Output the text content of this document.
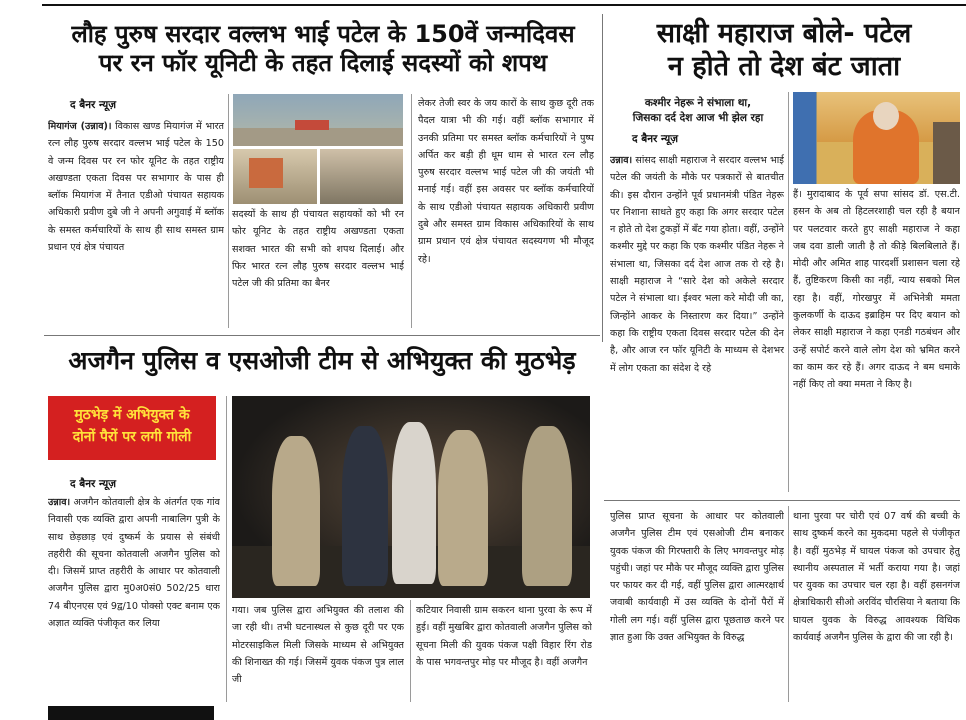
लौह पुरुष सरदार वल्लभ भाई पटेल के 150वें जन्मदिवस
पर रन फॉर यूनिटी के तहत दिलाई सदस्यों को शपथ
द बैनर न्यूज़
मियागंज (उन्नाव)। विकास खण्ड मियागंज में भारत रत्न लौह पुरुष सरदार वल्लभ भाई पटेल के 150 वे जन्म दिवस पर रन फोर यूनिट के तहत राष्ट्रीय अखण्डता एकता दिवस पर सभागार के पास ही ब्लॉक मियागंज में तैनात एडीओ पंचायत सहायक अधिकारी प्रवीण दुबे जी ने अपनी अगुवाई में ब्लॉक के समस्त कर्मचारियों के साथ ही साथ समस्त ग्राम प्रधान एवं क्षेत्र पंचायत
सदस्यों के साथ ही पंचायत सहायकों को भी रन फोर यूनिट के तहत राष्ट्रीय अखण्डता एकता सशक्त भारत की सभी को शपथ दिलाई। और फिर भारत रत्न लौह पुरुष सरदार वल्लभ भाई पटेल जी की प्रतिमा का बैनर
लेकर तेजी स्वर के जय कारों के साथ कुछ दूरी तक पैदल यात्रा भी की गई। वहीं ब्लॉक सभागार में उनकी प्रतिमा पर समस्त ब्लॉक कर्मचारियों ने पुष्प अर्पित कर बड़ी ही धूम धाम से भारत रत्न लौह पुरुष सरदार वल्लभ भाई पटेल जी की जयंती भी मनाई गई। वहीं इस अवसर पर ब्लॉक कर्मचारियों के साथ एडीओ पंचायत सहायक अधिकारी प्रवीण दुबे और समस्त ग्राम विकास अधिकारियों के साथ ग्राम प्रधान एवं क्षेत्र पंचायत सदस्यगण भी मौजूद रहे।
साक्षी महाराज बोले- पटेल
न होते तो देश बंट जाता
कश्मीर नेहरू ने संभाला था,
जिसका दर्द देश आज भी झेल रहा
द बैनर न्यूज़
उन्नाव। सांसद साक्षी महाराज ने सरदार वल्लभ भाई पटेल की जयंती के मौके पर पत्रकारों से बातचीत की। इस दौरान उन्होंने पूर्व प्रधानमंत्री पंडित नेहरू पर निशाना साधते हुए कहा कि अगर सरदार पटेल न होते तो देश टुकड़ों में बँट गया होता। वहीं, उन्होंने कश्मीर मुद्दे पर कहा कि एक कश्मीर पंडित नेहरू ने संभाला था, जिसका दर्द देश आज तक रो रहे है। साक्षी महाराज ने “सारे देश को अकेले सरदार पटेल ने संभाला था। ईश्वर भला करे मोदी जी का, जिन्होंने आकर के निस्तारण कर दिया।” उन्होंने कहा कि राष्ट्रीय एकता दिवस सरदार पटेल की देन है, और आज रन फॉर यूनिटी के माध्यम से देशभर में लोग एकता का संदेश दे रहे
हैं। मुरादाबाद के पूर्व सपा सांसद डॉ. एस.टी. हसन के अब तो हिटलरशाही चल रही है बयान पर पलटवार करते हुए साक्षी महाराज ने कहा जब दवा डाली जाती है तो कीड़े बिलबिलाते हैं। मोदी और अमित शाह पारदर्शी प्रशासन चला रहे हैं, तुष्टिकरण किसी का नहीं, न्याय सबको मिल रहा है। वहीं, गोरखपुर में अभिनेत्री ममता कुलकर्णी के दाऊद इब्राहिम पर दिए बयान को लेकर साक्षी महाराज ने कहा एनडी गठबंधन और उन्हें सपोर्ट करने वाले लोग देश को भ्रमित करने का काम कर रहे हैं। अगर दाऊद ने बम धमाके नहीं किए तो क्या ममता ने किए है।
अजगैन पुलिस व एसओजी टीम से अभियुक्त की मुठभेड़
मुठभेड़ में अभियुक्त के
दोनों पैरों पर लगी गोली
द बैनर न्यूज़
उन्नाव। अजगैन कोतवाली क्षेत्र के अंतर्गत एक गांव निवासी एक व्यक्ति द्वारा अपनी नाबालिग पुत्री के साथ छेड़छाड़ एवं दुष्कर्म के प्रयास से संबंधी तहरीरी की सूचना कोतवाली अजगैन पुलिस को दी। जिसमें प्राप्त तहरीरी के आधार पर कोतवाली अजगैन पुलिस द्वारा मु0अ0सं0 502/25 धारा 74 बीएनएस एवं 9द्व/10 पोक्सो एक्ट बनाम एक अज्ञात व्यक्ति पंजीकृत कर लिया
गया। जब पुलिस द्वारा अभियुक्त की तलाश की जा रही थी। तभी घटनास्थल से कुछ दूरी पर एक मोटरसाइकिल मिली जिसके माध्यम से अभियुक्त की शिनाख्त की गई। जिसमें युवक पंकज पुत्र लाल जी
कटियार निवासी ग्राम सकरन थाना पुरवा के रूप में हुई। वहीं मुखबिर द्वारा कोतवाली अजगैन पुलिस को सूचना मिली की युवक पंकज पक्षी विहार रिंग रोड के पास भगवन्तपुर मोड़ पर मौजूद है। वहीं अजगैन
पुलिस प्राप्त सूचना के आधार पर कोतवाली अजगैन पुलिस टीम एवं एसओजी टीम बनाकर युवक पंकज की गिरफ्तारी के लिए भगवन्तपुर मोड़ पहुंची। जहां पर मौके पर मौजूद व्यक्ति द्वारा पुलिस पर फायर कर दी गई, वहीं पुलिस द्वारा आत्मरक्षार्थ जवाबी कार्यवाही में उस व्यक्ति के दोनों पैरों में गोली लग गई। वहीं पुलिस द्वारा पूछताछ करने पर ज्ञात हुआ कि उक्त अभियुक्त के विरुद्ध
थाना पुरवा पर चोरी एवं 07 वर्ष की बच्ची के साथ दुष्कर्म करने का मुकदमा पहले से पंजीकृत है। वहीं मुठभेड़ में घायल पंकज को उपचार हेतु स्थानीय अस्पताल में भर्ती कराया गया है। जहां पर युवक का उपचार चल रहा है। वहीं हसनगंज क्षेत्राधिकारी सीओ अरविंद चौरसिया ने बताया कि घायल युवक के विरुद्ध आवश्यक विधिक कार्यवाई अजगैन पुलिस के द्वारा की जा रही है।
